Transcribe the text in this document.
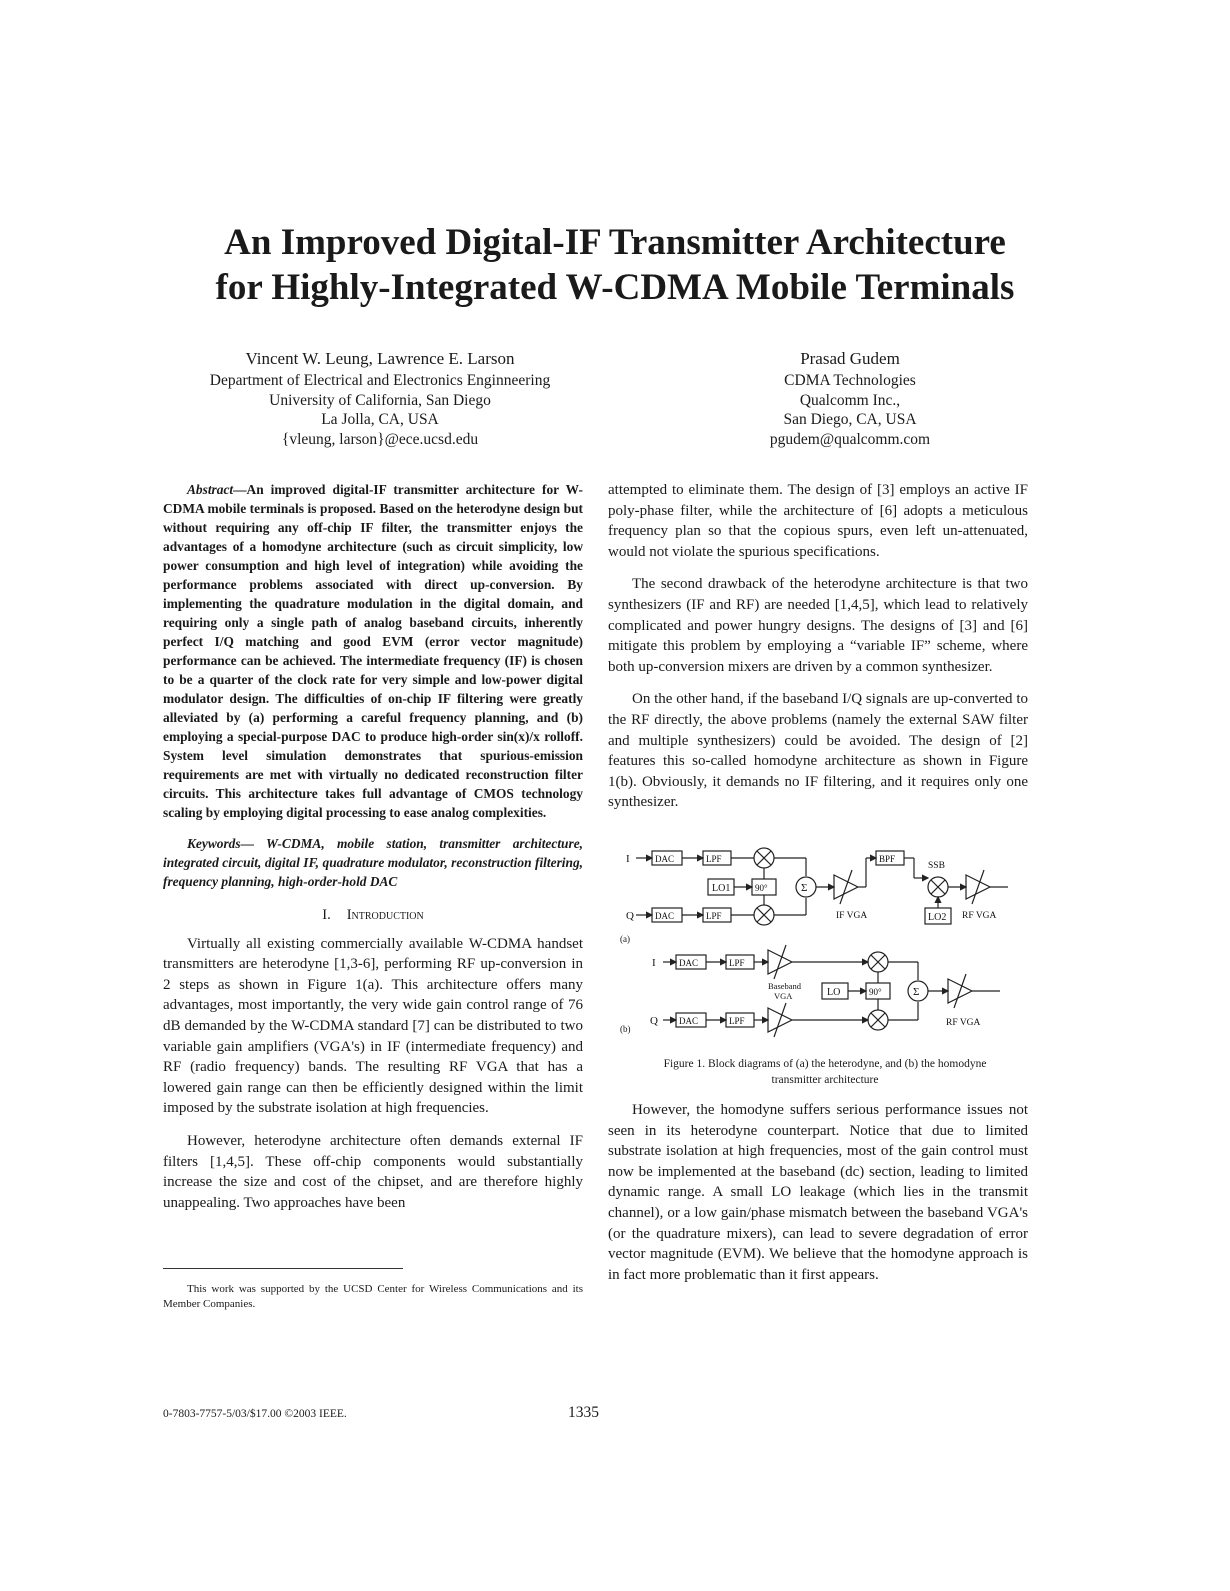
An Improved Digital-IF Transmitter Architecture
for Highly-Integrated W-CDMA Mobile Terminals
Vincent W. Leung, Lawrence E. Larson
Department of Electrical and Electronics Enginneering
University of California, San Diego
La Jolla, CA, USA
{vleung, larson}@ece.ucsd.edu
Prasad Gudem
CDMA Technologies
Qualcomm Inc.,
San Diego, CA, USA
pgudem@qualcomm.com

Abstract—An improved digital-IF transmitter architecture for W-CDMA mobile terminals is proposed. Based on the heterodyne design but without requiring any off-chip IF filter, the transmitter enjoys the advantages of a homodyne architecture (such as circuit simplicity, low power consumption and high level of integration) while avoiding the performance problems associated with direct up-conversion. By implementing the quadrature modulation in the digital domain, and requiring only a single path of analog baseband circuits, inherently perfect I/Q matching and good EVM (error vector magnitude) performance can be achieved. The intermediate frequency (IF) is chosen to be a quarter of the clock rate for very simple and low-power digital modulator design. The difficulties of on-chip IF filtering were greatly alleviated by (a) performing a careful frequency planning, and (b) employing a special-purpose DAC to produce high-order sin(x)/x rolloff. System level simulation demonstrates that spurious-emission requirements are met with virtually no dedicated reconstruction filter circuits. This architecture takes full advantage of CMOS technology scaling by employing digital processing to ease analog complexities.

Keywords— W-CDMA, mobile station, transmitter architecture, integrated circuit, digital IF, quadrature modulator, reconstruction filtering, frequency planning, high-order-hold DAC

I. Introduction

Virtually all existing commercially available W-CDMA handset transmitters are heterodyne [1,3-6], performing RF up-conversion in 2 steps as shown in Figure 1(a). This architecture offers many advantages, most importantly, the very wide gain control range of 76 dB demanded by the W-CDMA standard [7] can be distributed to two variable gain amplifiers (VGA's) in IF (intermediate frequency) and RF (radio frequency) bands. The resulting RF VGA that has a lowered gain range can then be efficiently designed within the limit imposed by the substrate isolation at high frequencies.

However, heterodyne architecture often demands external IF filters [1,4,5]. These off-chip components would substantially increase the size and cost of the chipset, and are therefore highly unappealing. Two approaches have been

This work was supported by the UCSD Center for Wireless Communications and its Member Companies.

attempted to eliminate them. The design of [3] employs an active IF poly-phase filter, while the architecture of [6] adopts a meticulous frequency plan so that the copious spurs, even left un-attenuated, would not violate the spurious specifications.

The second drawback of the heterodyne architecture is that two synthesizers (IF and RF) are needed [1,4,5], which lead to relatively complicated and power hungry designs. The designs of [3] and [6] mitigate this problem by employing a “variable IF” scheme, where both up-conversion mixers are driven by a common synthesizer.

On the other hand, if the baseband I/Q signals are up-converted to the RF directly, the above problems (namely the external SAW filter and multiple synthesizers) could be avoided. The design of [2] features this so-called homodyne architecture as shown in Figure 1(b). Obviously, it demands no IF filtering, and it requires only one synthesizer.

I
Q
DAC
DAC
LPF
LPF
LO1	90°	Σ
IF VGA
BPF
SSB
LO2 RF VGA
(a)
I
Q
DAC
DAC
LPF
LPF
Baseband
VGA	LO	90°	Σ
RF VGA
(b)
Figure 1. Block diagrams of (a) the heterodyne, and (b) the homodyne
transmitter architecture

However, the homodyne suffers serious performance issues not seen in its heterodyne counterpart. Notice that due to limited substrate isolation at high frequencies, most of the gain control must now be implemented at the baseband (dc) section, leading to limited dynamic range. A small LO leakage (which lies in the transmit channel), or a low gain/phase mismatch between the baseband VGA's (or the quadrature mixers), can lead to severe degradation of error vector magnitude (EVM). We believe that the homodyne approach is in fact more problematic than it first appears.

0-7803-7757-5/03/$17.00 ©2003 IEEE.	1335
